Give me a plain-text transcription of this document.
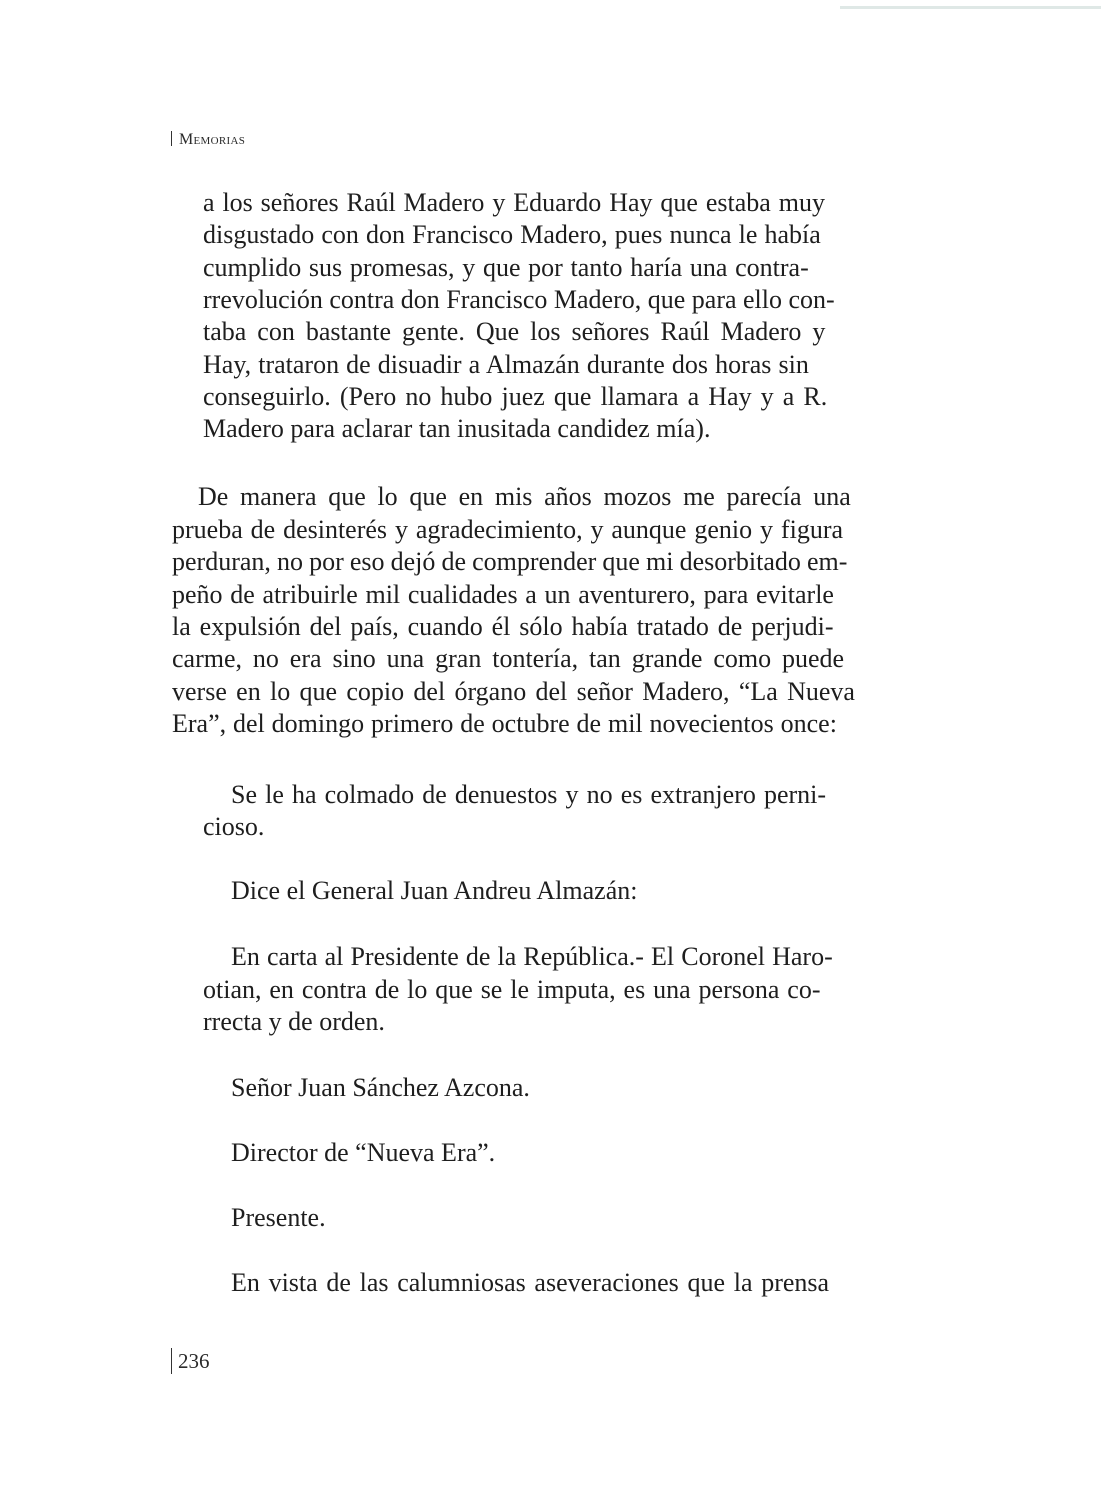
Memorias
a los señores Raúl Madero y Eduardo Hay que estaba muy
disgustado con don Francisco Madero, pues nunca le había
cumplido sus promesas, y que por tanto haría una contra-
rrevolución contra don Francisco Madero, que para ello con-
taba con bastante gente. Que los señores Raúl Madero y
Hay, trataron de disuadir a Almazán durante dos horas sin
conseguirlo. (Pero no hubo juez que llamara a Hay y a R.
Madero para aclarar tan inusitada candidez mía).
De manera que lo que en mis años mozos me parecía una
prueba de desinterés y agradecimiento, y aunque genio y figura
perduran, no por eso dejó de comprender que mi desorbitado em-
peño de atribuirle mil cualidades a un aventurero, para evitarle
la expulsión del país, cuando él sólo había tratado de perjudi-
carme, no era sino una gran tontería, tan grande como puede
verse en lo que copio del órgano del señor Madero, “La Nueva
Era”, del domingo primero de octubre de mil novecientos once:
Se le ha colmado de denuestos y no es extranjero perni-
cioso.
Dice el General Juan Andreu Almazán:
En carta al Presidente de la República.- El Coronel Haro-
otian, en contra de lo que se le imputa, es una persona co-
rrecta y de orden.
Señor Juan Sánchez Azcona.
Director de “Nueva Era”.
Presente.
En vista de las calumniosas aseveraciones que la prensa
236
